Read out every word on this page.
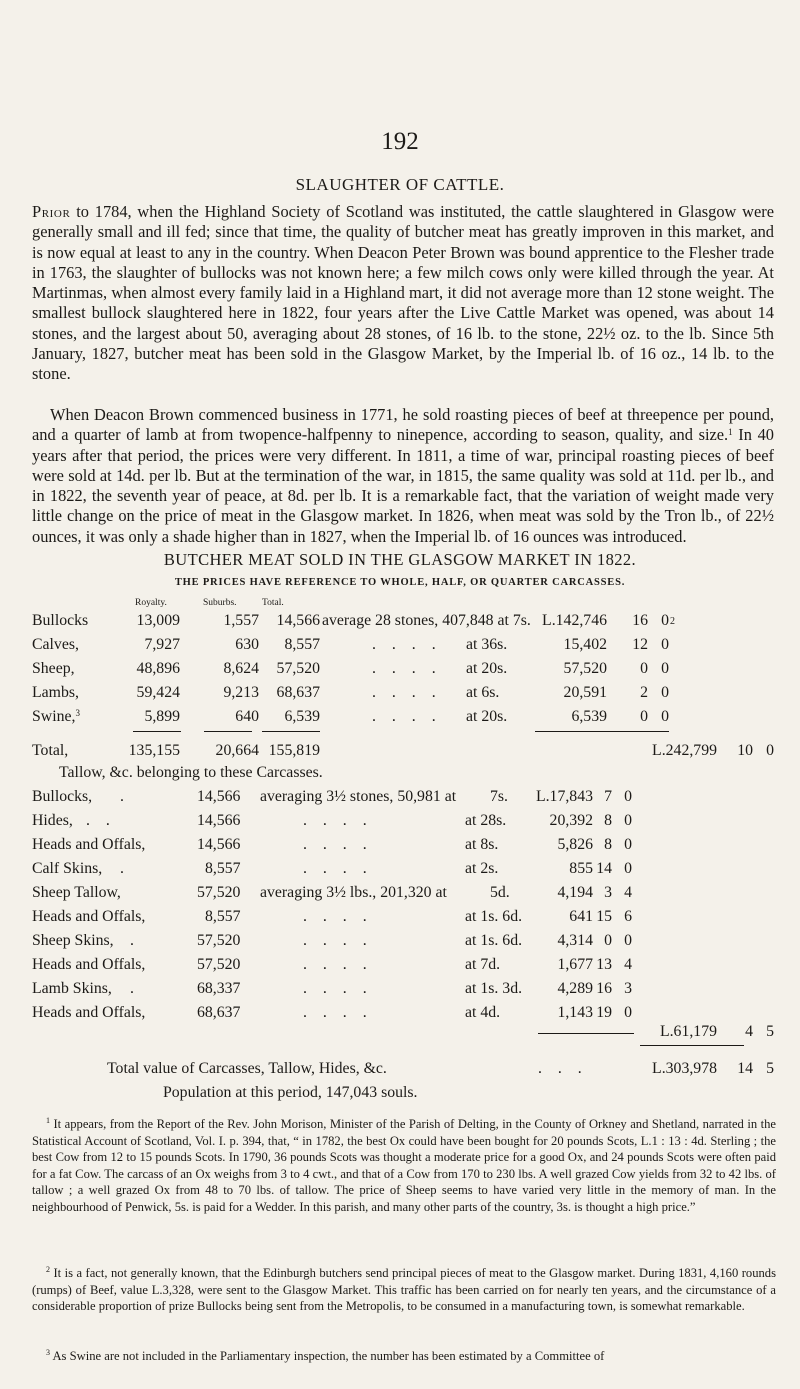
192
SLAUGHTER OF CATTLE.
Prior to 1784, when the Highland Society of Scotland was instituted, the cattle slaughtered in Glasgow were generally small and ill fed; since that time, the quality of butcher meat has greatly improven in this market, and is now equal at least to any in the country. When Deacon Peter Brown was bound apprentice to the Flesher trade in 1763, the slaughter of bullocks was not known here; a few milch cows only were killed through the year. At Martinmas, when almost every family laid in a Highland mart, it did not average more than 12 stone weight. The smallest bullock slaughtered here in 1822, four years after the Live Cattle Market was opened, was about 14 stones, and the largest about 50, averaging about 28 stones, of 16 lb. to the stone, 22½ oz. to the lb. Since 5th January, 1827, butcher meat has been sold in the Glasgow Market, by the Imperial lb. of 16 oz., 14 lb. to the stone.
When Deacon Brown commenced business in 1771, he sold roasting pieces of beef at threepence per pound, and a quarter of lamb at from twopence-halfpenny to ninepence, according to season, quality, and size.$^1$ In 40 years after that period, the prices were very different. In 1811, a time of war, principal roasting pieces of beef were sold at 14d. per lb. But at the termination of the war, in 1815, the same quality was sold at 11d. per lb., and in 1822, the seventh year of peace, at 8d. per lb. It is a remarkable fact, that the variation of weight made very little change on the price of meat in the Glasgow market. In 1826, when meat was sold by the Tron lb., of 22½ ounces, it was only a shade higher than in 1827, when the Imperial lb. of 16 ounces was introduced.
BUTCHER MEAT SOLD IN THE GLASGOW MARKET IN 1822.
THE PRICES HAVE REFERENCE TO WHOLE, HALF, OR QUARTER CARCASSES.
Royalty.	Suburbs.	Total.
Bullocks	13,009	1,557 14,566 average 28 stones, 407,848 at 7s. L.142,746 16 0 2
Calves,	7,927	630 8,557	. . . . at 36s.	15,402 12 0
Sheep,	48,896	8,624 57,520	. . . . at 20s.	57,520 0 0
Lambs,	59,424	9,213 68,637	. . . . at 6s.	20,591 2 0
Swine,$^3$	5,899	640 6,539	. . . . at 20s.	6,539 0 0
Total,	135,155 20,664 155,819	L.242,799 10 0
Tallow, &c. belonging to these Carcasses.
Bullocks, .	14,566 averaging 3½ stones, 50,981 at 7s. L.17,843 7 0
Hides, . .	14,566	. . . .	at 28s.	20,392 8 0
Heads and Offals,	14,566	. . . .	at 8s.	5,826 8 0
Calf Skins, .	8,557	. . . .	at 2s.	855 14 0
Sheep Tallow,	57,520 averaging 3½ lbs., 201,320 at	5d.	4,194 3 4
Heads and Offals,	8,557	. . . .	at 1s. 6d.	641 15 6
Sheep Skins, .	57,520	. . . .	at 1s. 6d. 4,314 0 0
Heads and Offals,	57,520	. . . .	at 7d.	1,677 13 4
Lamb Skins, .	68,337	. . . .	at 1s. 3d. 4,289 16 3
Heads and Offals,	68,637	. . . .	at 4d.	1,143 19 0
L.61,179 4 5
Total value of Carcasses, Tallow, Hides, &c.	. . .	L.303,978 14 5
Population at this period, 147,043 souls.
$^1$ It appears, from the Report of the Rev. John Morison, Minister of the Parish of Delting, in the County of Orkney and Shetland, narrated in the Statistical Account of Scotland, Vol. I. p. 394, that, “ in 1782, the best Ox could have been bought for 20 pounds Scots, L.1 : 13 : 4d. Sterling ; the best Cow from 12 to 15 pounds Scots. In 1790, 36 pounds Scots was thought a moderate price for a good Ox, and 24 pounds Scots were often paid for a fat Cow. The carcass of an Ox weighs from 3 to 4 cwt., and that of a Cow from 170 to 230 lbs. A well grazed Cow yields from 32 to 42 lbs. of tallow ; a well grazed Ox from 48 to 70 lbs. of tallow. The price of Sheep seems to have varied very little in the memory of man. In the neighbourhood of Penwick, 5s. is paid for a Wedder. In this parish, and many other parts of the country, 3s. is thought a high price.”
$^2$ It is a fact, not generally known, that the Edinburgh butchers send principal pieces of meat to the Glasgow market. During 1831, 4,160 rounds (rumps) of Beef, value L.3,328, were sent to the Glasgow Market. This traffic has been carried on for nearly ten years, and the circumstance of a considerable proportion of prize Bullocks being sent from the Metropolis, to be consumed in a manufacturing town, is somewhat remarkable.
$^3$ As Swine are not included in the Parliamentary inspection, the number has been estimated by a Committee of
